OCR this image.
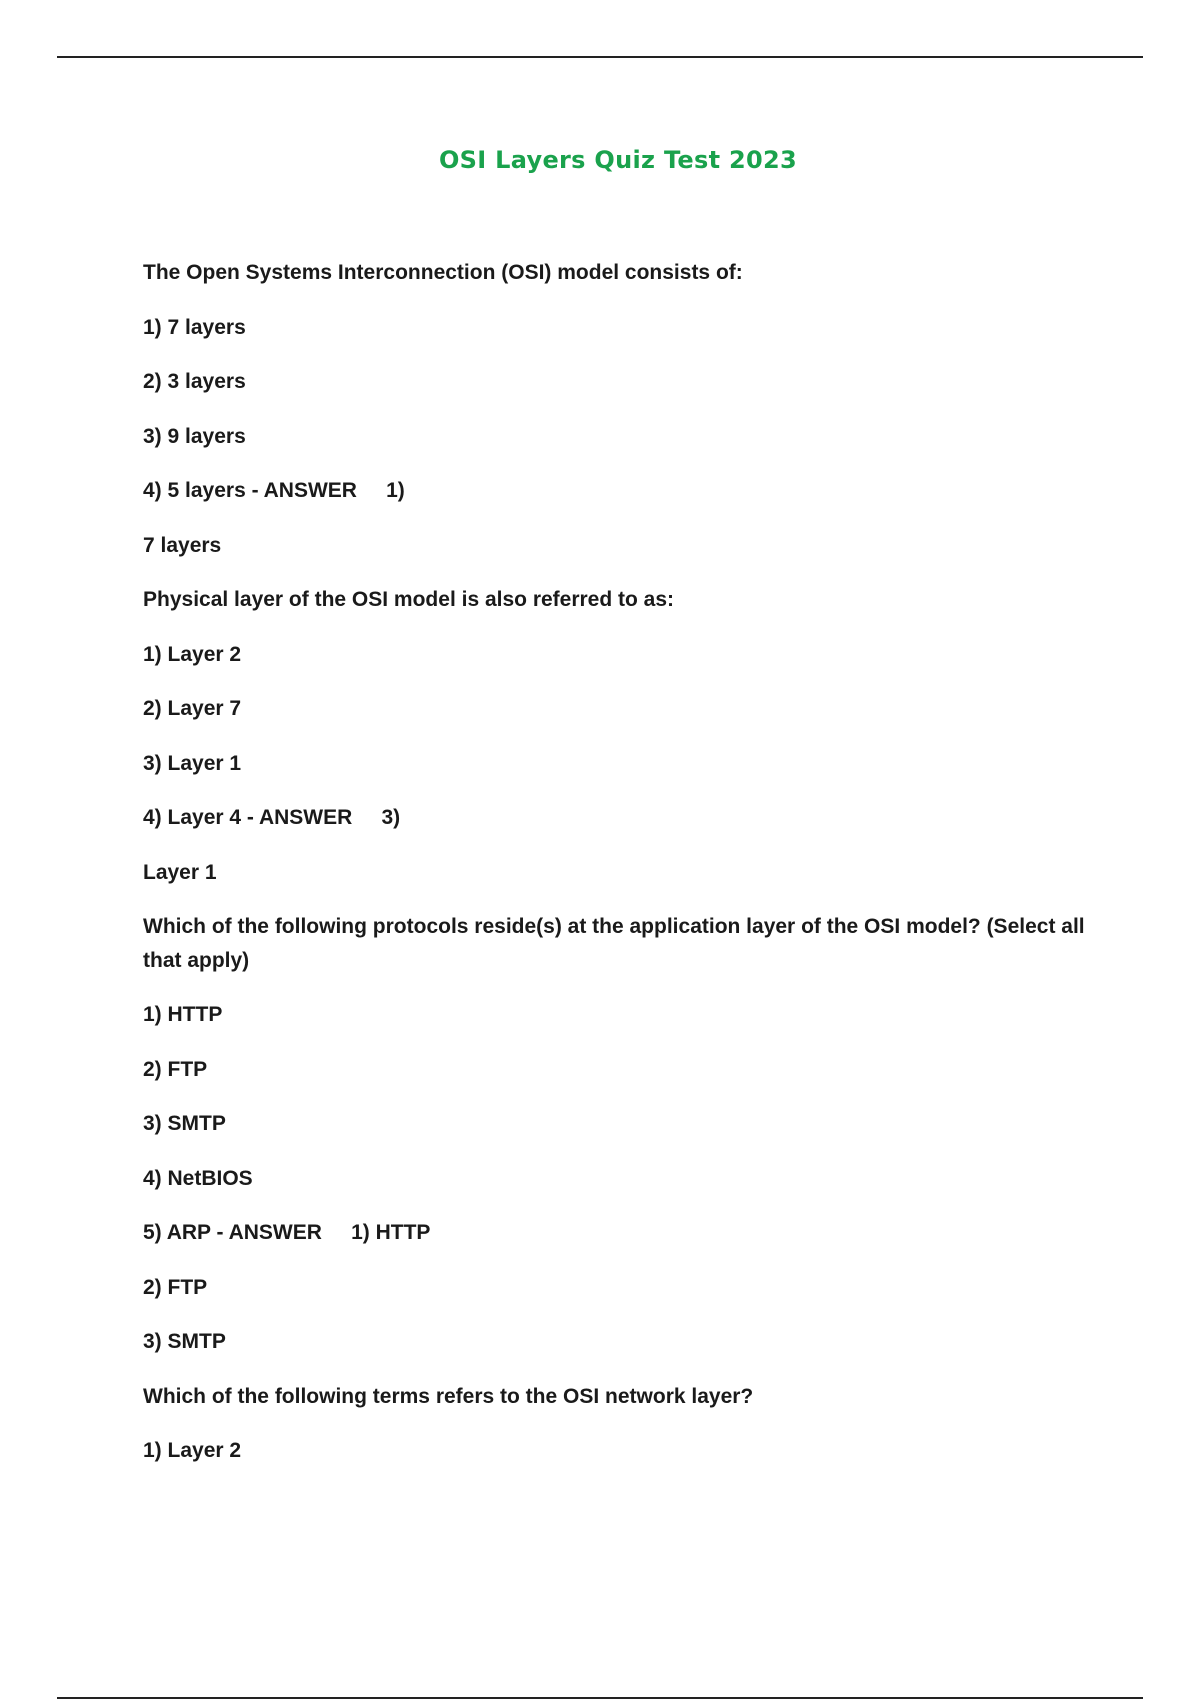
OSI Layers Quiz Test 2023
The Open Systems Interconnection (OSI) model consists of:
1) 7 layers
2) 3 layers
3) 9 layers
4) 5 layers - ANSWER     1)
7 layers
Physical layer of the OSI model is also referred to as:
1) Layer 2
2) Layer 7
3) Layer 1
4) Layer 4 - ANSWER     3)
Layer 1
Which of the following protocols reside(s) at the application layer of the OSI model? (Select all that apply)
1) HTTP
2) FTP
3) SMTP
4) NetBIOS
5) ARP - ANSWER     1) HTTP
2) FTP
3) SMTP
Which of the following terms refers to the OSI network layer?
1) Layer 2
